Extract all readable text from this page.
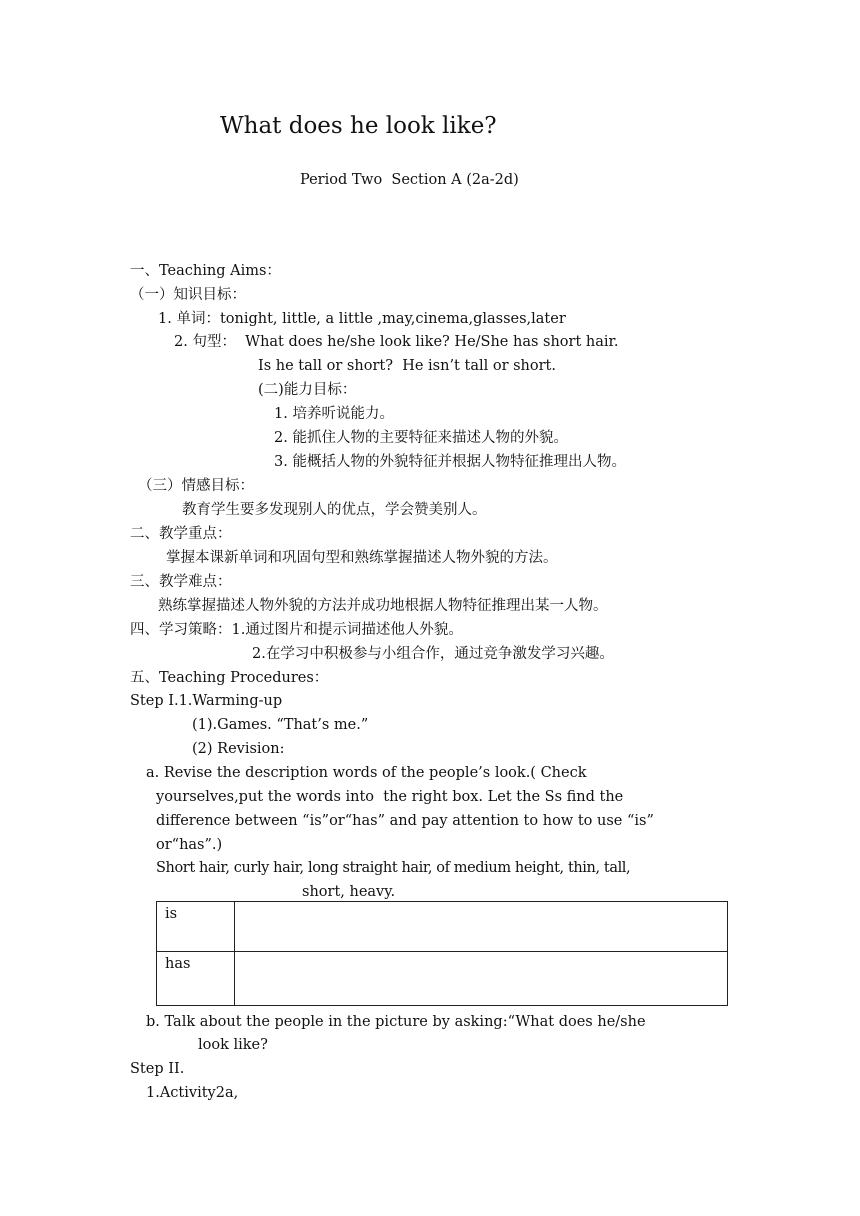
What does he look like?
Period Two  Section A (2a-2d)
一、Teaching Aims：
（一）知识目标：
1. 单词：tonight, little, a little ,may,cinema,glasses,later
2. 句型：  What does he/she look like? He/She has short hair.
Is he tall or short?  He isn’t tall or short.
(二)能力目标：
1. 培养听说能力。
2. 能抓住人物的主要特征来描述人物的外貌。
3. 能概括人物的外貌特征并根据人物特征推理出人物。
（三）情感目标：
教育学生要多发现别人的优点，学会赞美别人。
二、教学重点：
掌握本课新单词和巩固句型和熟练掌握描述人物外貌的方法。
三、教学难点：
熟练掌握描述人物外貌的方法并成功地根据人物特征推理出某一人物。
四、学习策略：1.通过图片和提示词描述他人外貌。
2.在学习中积极参与小组合作，通过竞争激发学习兴趣。
五、Teaching Procedures：
Step I.1.Warming-up
(1).Games. “That’s me.”
(2) Revision:
a. Revise the description words of the people’s look.( Check
yourselves,put the words into  the right box. Let the Ss find the
difference between “is”or“has” and pay attention to how to use “is”
or“has”.)
Short hair, curly hair, long straight hair, of medium height, thin, tall,
short, heavy.
is
has
b. Talk about the people in the picture by asking:“What does he/she
look like?
Step II.
1.Activity2a,
